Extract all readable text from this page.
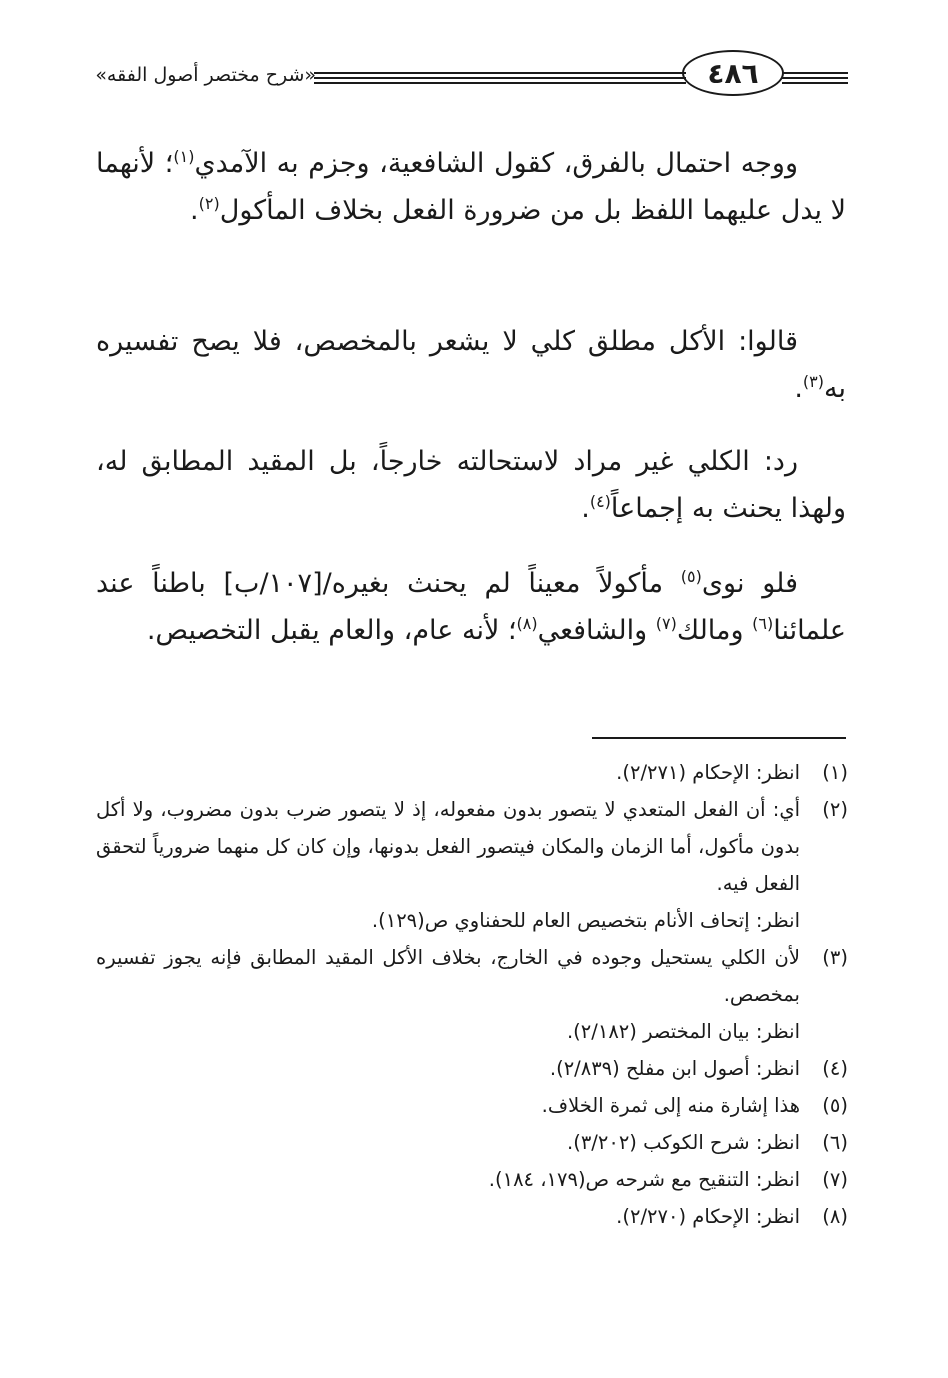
«شرح مختصر أصول الفقه»	٤٨٦

ووجه احتمال بالفرق، كقول الشافعية، وجزم به الآمدي$^{(١)}$؛ لأنهما لا يدل عليهما اللفظ بل من ضرورة الفعل بخلاف المأكول$^{(٢)}$.

قالوا: الأكل مطلق كلي لا يشعر بالمخصص، فلا يصح تفسيره به$^{(٣)}$.

رد: الكلي غير مراد لاستحالته خارجاً، بل المقيد المطابق له، ولهذا يحنث به إجماعاً$^{(٤)}$.

فلو نوى$^{(٥)}$ مأكولاً معيناً لم يحنث بغيره/[١٠٧/ب] باطناً عند علمائنا$^{(٦)}$ ومالك$^{(٧)}$ والشافعي$^{(٨)}$؛ لأنه عام، والعام يقبل التخصيص.

(١)
انظر: الإحكام (٢/٢٧١).
(٢)
أي: أن الفعل المتعدي لا يتصور بدون مفعوله، إذ لا يتصور ضرب بدون مضروب، ولا أكل بدون مأكول، أما الزمان والمكان فيتصور الفعل بدونها، وإن كان كل منهما ضرورياً لتحقق الفعل فيه.
انظر: إتحاف الأنام بتخصيص العام للحفناوي ص(١٢٩).
(٣)
لأن الكلي يستحيل وجوده في الخارج، بخلاف الأكل المقيد المطابق فإنه يجوز تفسيره بمخصص.
انظر: بيان المختصر (٢/١٨٢).
(٤)
انظر: أصول ابن مفلح (٢/٨٣٩).
(٥)
هذا إشارة منه إلى ثمرة الخلاف.
(٦)
انظر: شرح الكوكب (٣/٢٠٢).
(٧)
انظر: التنقيح مع شرحه ص(١٧٩، ١٨٤).
(٨)
انظر: الإحكام (٢/٢٧٠).
